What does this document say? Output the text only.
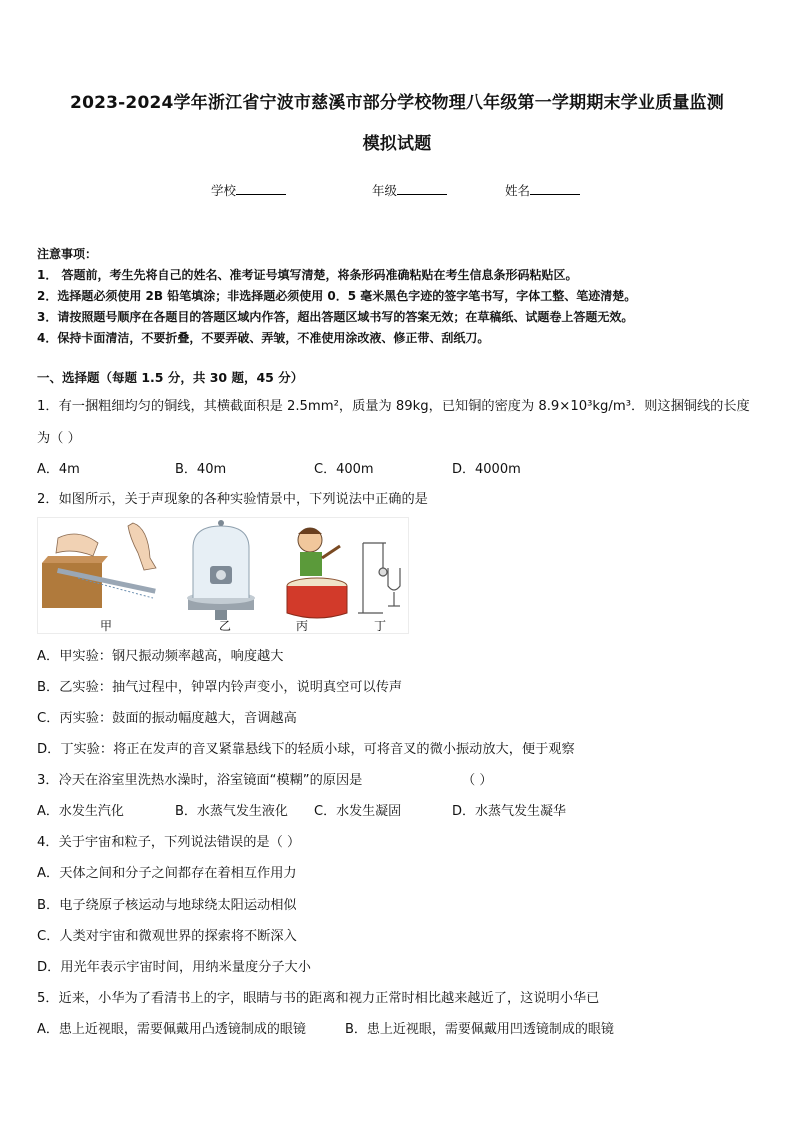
2023-2024学年浙江省宁波市慈溪市部分学校物理八年级第一学期期末学业质量监测
模拟试题
学校	年级	姓名
注意事项：
1． 答题前，考生先将自己的姓名、准考证号填写清楚，将条形码准确粘贴在考生信息条形码粘贴区。
2．选择题必须使用 2B 铅笔填涂；非选择题必须使用 0．5 毫米黑色字迹的签字笔书写，字体工整、笔迹清楚。
3．请按照题号顺序在各题目的答题区域内作答，超出答题区域书写的答案无效；在草稿纸、试题卷上答题无效。
4．保持卡面清洁，不要折叠，不要弄破、弄皱，不准使用涂改液、修正带、刮纸刀。
一、选择题（每题 1.5 分，共 30 题，45 分）
1．有一捆粗细均匀的铜线，其横截面积是 2.5mm²，质量为 89kg，已知铜的密度为 8.9×10³kg/m³．则这捆铜线的长度
为（ ）
A．4m	B．40m	C．400m	D．4000m
2．如图所示，关于声现象的各种实验情景中，下列说法中正确的是
甲	乙	丙	丁
A．甲实验：钢尺振动频率越高，响度越大
B．乙实验：抽气过程中，钟罩内铃声变小，说明真空可以传声
C．丙实验：鼓面的振动幅度越大，音调越高
D．丁实验：将正在发声的音叉紧靠悬线下的轻质小球，可将音叉的微小振动放大，便于观察
3．冷天在浴室里洗热水澡时，浴室镜面“模糊”的原因是	（ ）
A．水发生汽化	B．水蒸气发生液化 C．水发生凝固	D．水蒸气发生凝华
4．关于宇宙和粒子，下列说法错误的是（ ）
A．天体之间和分子之间都存在着相互作用力
B．电子绕原子核运动与地球绕太阳运动相似
C．人类对宇宙和微观世界的探索将不断深入
D．用光年表示宇宙时间，用纳米量度分子大小
5．近来，小华为了看清书上的字，眼睛与书的距离和视力正常时相比越来越近了，这说明小华已
A．患上近视眼，需要佩戴用凸透镜制成的眼镜	B．患上近视眼，需要佩戴用凹透镜制成的眼镜
